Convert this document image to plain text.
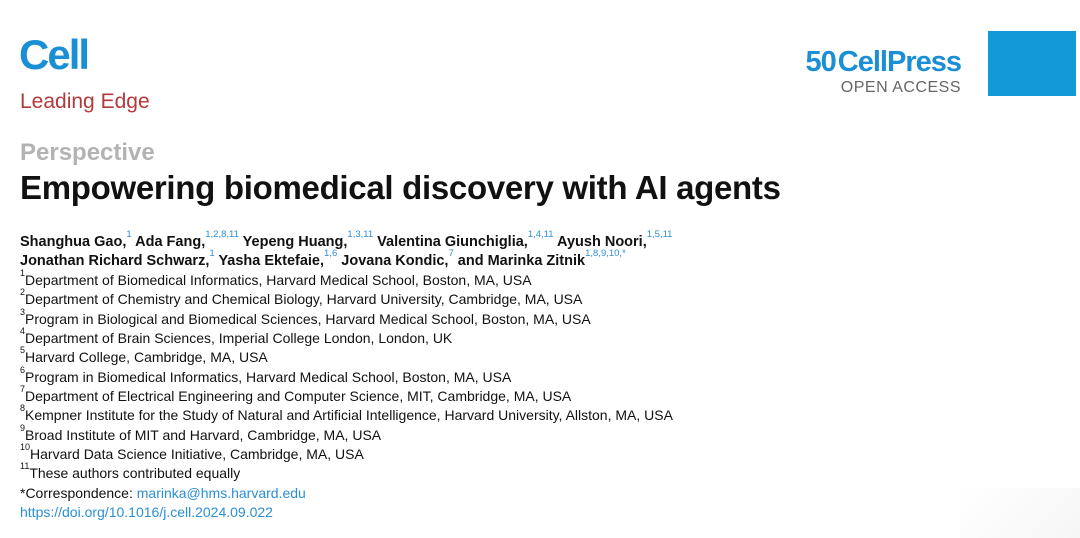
Cell
Leading Edge
50 CellPress
OPEN ACCESS
Perspective
Empowering biomedical discovery with AI agents
Shanghua Gao,$^1$ Ada Fang,$^{1,2,8,11}$ Yepeng Huang,$^{1,3,11}$ Valentina Giunchiglia,$^{1,4,11}$ Ayush Noori,$^{1,5,11}$
Jonathan Richard Schwarz,$^1$ Yasha Ektefaie,$^{1,6}$ Jovana Kondic,$^7$ and Marinka Zitnik$^{1,8,9,10,*}$
$^1$Department of Biomedical Informatics, Harvard Medical School, Boston, MA, USA
$^2$Department of Chemistry and Chemical Biology, Harvard University, Cambridge, MA, USA
$^3$Program in Biological and Biomedical Sciences, Harvard Medical School, Boston, MA, USA
$^4$Department of Brain Sciences, Imperial College London, London, UK
$^5$Harvard College, Cambridge, MA, USA
$^6$Program in Biomedical Informatics, Harvard Medical School, Boston, MA, USA
$^7$Department of Electrical Engineering and Computer Science, MIT, Cambridge, MA, USA
$^8$Kempner Institute for the Study of Natural and Artificial Intelligence, Harvard University, Allston, MA, USA
$^9$Broad Institute of MIT and Harvard, Cambridge, MA, USA
$^{10}$Harvard Data Science Initiative, Cambridge, MA, USA
$^{11}$These authors contributed equally
*Correspondence: marinka@hms.harvard.edu
https://doi.org/10.1016/j.cell.2024.09.022
